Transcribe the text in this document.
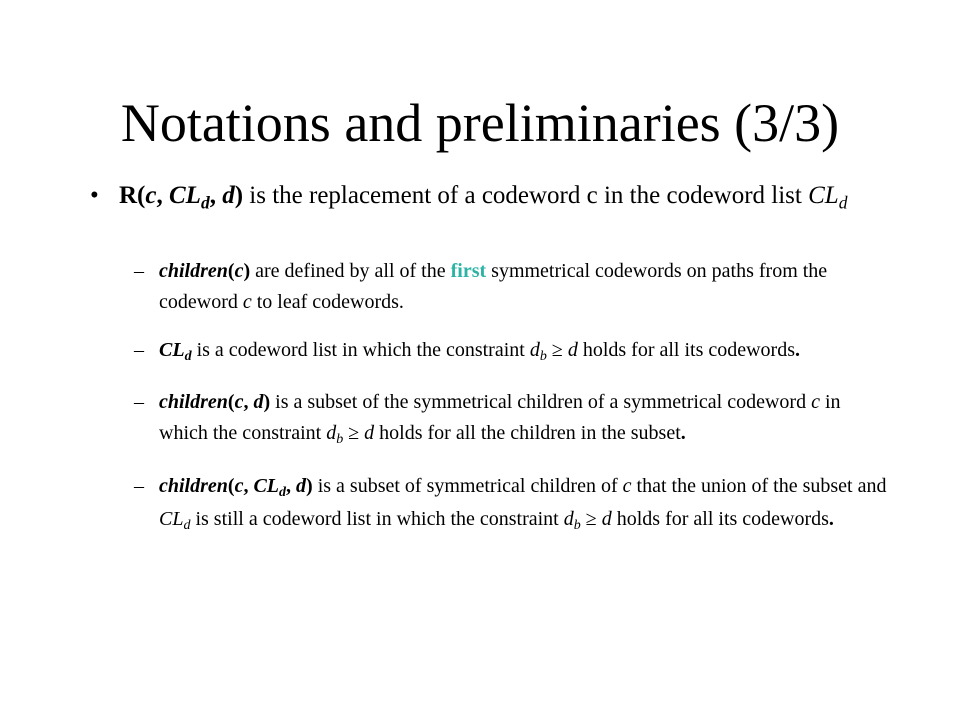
Notations and preliminaries (3/3)
• R(c, $CL_d$, d) is the replacement of a codeword c in the codeword list $CL_d$
– children(c) are defined by all of the first symmetrical codewords on paths from the codeword c to leaf codewords.
– $CL_d$ is a codeword list in which the constraint $d_b \ge d$ holds for all its codewords.
– children(c, d) is a subset of the symmetrical children of a symmetrical codeword c in which the constraint $d_b \ge d$ holds for all the children in the subset.
– children(c, $CL_d$, d) is a subset of symmetrical children of c that the union of the subset and $CL_d$ is still a codeword list in which the constraint $d_b \ge d$ holds for all its codewords.
